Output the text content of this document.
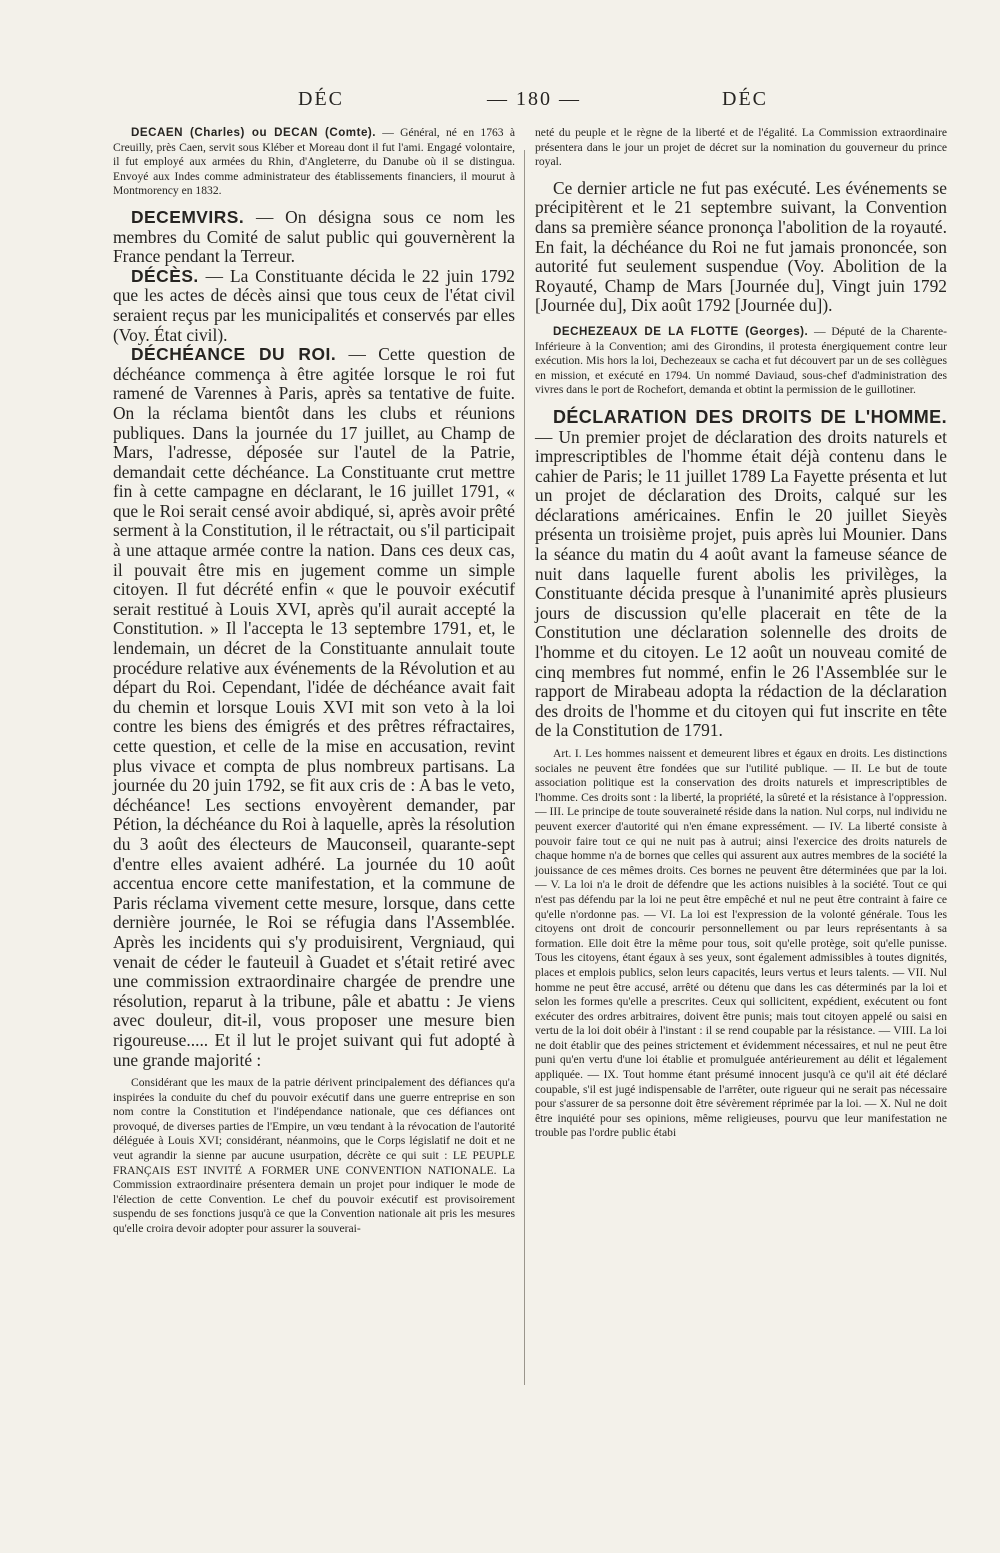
DÉC	— 180 —	DÉC

DECAEN (Charles) ou DECAN (Comte). — Général, né en 1763 à Creuilly, près Caen, servit sous Kléber et Moreau dont il fut l'ami. Engagé volontaire, il fut employé aux armées du Rhin, d'Angleterre, du Danube où il se distingua. Envoyé aux Indes comme administrateur des établissements financiers, il mourut à Montmorency en 1832.

DECEMVIRS. — On désigna sous ce nom les membres du Comité de salut public qui gouvernèrent la France pendant la Terreur.

DÉCÈS. — La Constituante décida le 22 juin 1792 que les actes de décès ainsi que tous ceux de l'état civil seraient reçus par les municipalités et conservés par elles (Voy. État civil).

DÉCHÉANCE DU ROI. — Cette question de déchéance commença à être agitée lorsque le roi fut ramené de Varennes à Paris, après sa tentative de fuite. On la réclama bientôt dans les clubs et réunions publiques. Dans la journée du 17 juillet, au Champ de Mars, l'adresse, déposée sur l'autel de la Patrie, demandait cette déchéance. La Constituante crut mettre fin à cette campagne en déclarant, le 16 juillet 1791, « que le Roi serait censé avoir abdiqué, si, après avoir prêté serment à la Constitution, il le rétractait, ou s'il participait à une attaque armée contre la nation. Dans ces deux cas, il pouvait être mis en jugement comme un simple citoyen. Il fut décrété enfin « que le pouvoir exécutif serait restitué à Louis XVI, après qu'il aurait accepté la Constitution. » Il l'accepta le 13 septembre 1791, et, le lendemain, un décret de la Constituante annulait toute procédure relative aux événements de la Révolution et au départ du Roi. Cependant, l'idée de déchéance avait fait du chemin et lorsque Louis XVI mit son veto à la loi contre les biens des émigrés et des prêtres réfractaires, cette question, et celle de la mise en accusation, revint plus vivace et compta de plus nombreux partisans. La journée du 20 juin 1792, se fit aux cris de : A bas le veto, déchéance! Les sections envoyèrent demander, par Pétion, la déchéance du Roi à laquelle, après la résolution du 3 août des électeurs de Mauconseil, quarante-sept d'entre elles avaient adhéré. La journée du 10 août accentua encore cette manifestation, et la commune de Paris réclama vivement cette mesure, lorsque, dans cette dernière journée, le Roi se réfugia dans l'Assemblée. Après les incidents qui s'y produisirent, Vergniaud, qui venait de céder le fauteuil à Guadet et s'était retiré avec une commission extraordinaire chargée de prendre une résolution, reparut à la tribune, pâle et abattu : Je viens avec douleur, dit-il, vous proposer une mesure bien rigoureuse..... Et il lut le projet suivant qui fut adopté à une grande majorité :

Considérant que les maux de la patrie dérivent principalement des défiances qu'a inspirées la conduite du chef du pouvoir exécutif dans une guerre entreprise en son nom contre la Constitution et l'indépendance nationale, que ces défiances ont provoqué, de diverses parties de l'Empire, un vœu tendant à la révocation de l'autorité déléguée à Louis XVI; considérant, néanmoins, que le Corps législatif ne doit et ne veut agrandir la sienne par aucune usurpation, décrète ce qui suit : LE PEUPLE FRANÇAIS EST INVITÉ A FORMER UNE CONVENTION NATIONALE. La Commission extraordinaire présentera demain un projet pour indiquer le mode de l'élection de cette Convention. Le chef du pouvoir exécutif est provisoirement suspendu de ses fonctions jusqu'à ce que la Convention nationale ait pris les mesures qu'elle croira devoir adopter pour assurer la souverai-

neté du peuple et le règne de la liberté et de l'égalité. La Commission extraordinaire présentera dans le jour un projet de décret sur la nomination du gouverneur du prince royal.

Ce dernier article ne fut pas exécuté. Les événements se précipitèrent et le 21 septembre suivant, la Convention dans sa première séance prononça l'abolition de la royauté. En fait, la déchéance du Roi ne fut jamais prononcée, son autorité fut seulement suspendue (Voy. Abolition de la Royauté, Champ de Mars [Journée du], Vingt juin 1792 [Journée du], Dix août 1792 [Journée du]).

DECHEZEAUX DE LA FLOTTE (Georges). — Député de la Charente-Inférieure à la Convention; ami des Girondins, il protesta énergiquement contre leur exécution. Mis hors la loi, Dechezeaux se cacha et fut découvert par un de ses collègues en mission, et exécuté en 1794. Un nommé Daviaud, sous-chef d'administration des vivres dans le port de Rochefort, demanda et obtint la permission de le guillotiner.

DÉCLARATION DES DROITS DE L'HOMME. — Un premier projet de déclaration des droits naturels et imprescriptibles de l'homme était déjà contenu dans le cahier de Paris; le 11 juillet 1789 La Fayette présenta et lut un projet de déclaration des Droits, calqué sur les déclarations américaines. Enfin le 20 juillet Sieyès présenta un troisième projet, puis après lui Mounier. Dans la séance du matin du 4 août avant la fameuse séance de nuit dans laquelle furent abolis les privilèges, la Constituante décida presque à l'unanimité après plusieurs jours de discussion qu'elle placerait en tête de la Constitution une déclaration solennelle des droits de l'homme et du citoyen. Le 12 août un nouveau comité de cinq membres fut nommé, enfin le 26 l'Assemblée sur le rapport de Mirabeau adopta la rédaction de la déclaration des droits de l'homme et du citoyen qui fut inscrite en tête de la Constitution de 1791.

Art. I. Les hommes naissent et demeurent libres et égaux en droits. Les distinctions sociales ne peuvent être fondées que sur l'utilité publique. — II. Le but de toute association politique est la conservation des droits naturels et imprescriptibles de l'homme. Ces droits sont : la liberté, la propriété, la sûreté et la résistance à l'oppression. — III. Le principe de toute souveraineté réside dans la nation. Nul corps, nul individu ne peuvent exercer d'autorité qui n'en émane expressément. — IV. La liberté consiste à pouvoir faire tout ce qui ne nuit pas à autrui; ainsi l'exercice des droits naturels de chaque homme n'a de bornes que celles qui assurent aux autres membres de la société la jouissance de ces mêmes droits. Ces bornes ne peuvent être déterminées que par la loi. — V. La loi n'a le droit de défendre que les actions nuisibles à la société. Tout ce qui n'est pas défendu par la loi ne peut être empêché et nul ne peut être contraint à faire ce qu'elle n'ordonne pas. — VI. La loi est l'expression de la volonté générale. Tous les citoyens ont droit de concourir personnellement ou par leurs représentants à sa formation. Elle doit être la même pour tous, soit qu'elle protège, soit qu'elle punisse. Tous les citoyens, étant égaux à ses yeux, sont également admissibles à toutes dignités, places et emplois publics, selon leurs capacités, leurs vertus et leurs talents. — VII. Nul homme ne peut être accusé, arrêté ou détenu que dans les cas déterminés par la loi et selon les formes qu'elle a prescrites. Ceux qui sollicitent, expédient, exécutent ou font exécuter des ordres arbitraires, doivent être punis; mais tout citoyen appelé ou saisi en vertu de la loi doit obéir à l'instant : il se rend coupable par la résistance. — VIII. La loi ne doit établir que des peines strictement et évidemment nécessaires, et nul ne peut être puni qu'en vertu d'une loi établie et promulguée antérieurement au délit et légalement appliquée. — IX. Tout homme étant présumé innocent jusqu'à ce qu'il ait été déclaré coupable, s'il est jugé indispensable de l'arrêter, oute rigueur qui ne serait pas nécessaire pour s'assurer de sa personne doit être sévèrement réprimée par la loi. — X. Nul ne doit être inquiété pour ses opinions, même religieuses, pourvu que leur manifestation ne trouble pas l'ordre public étabi
